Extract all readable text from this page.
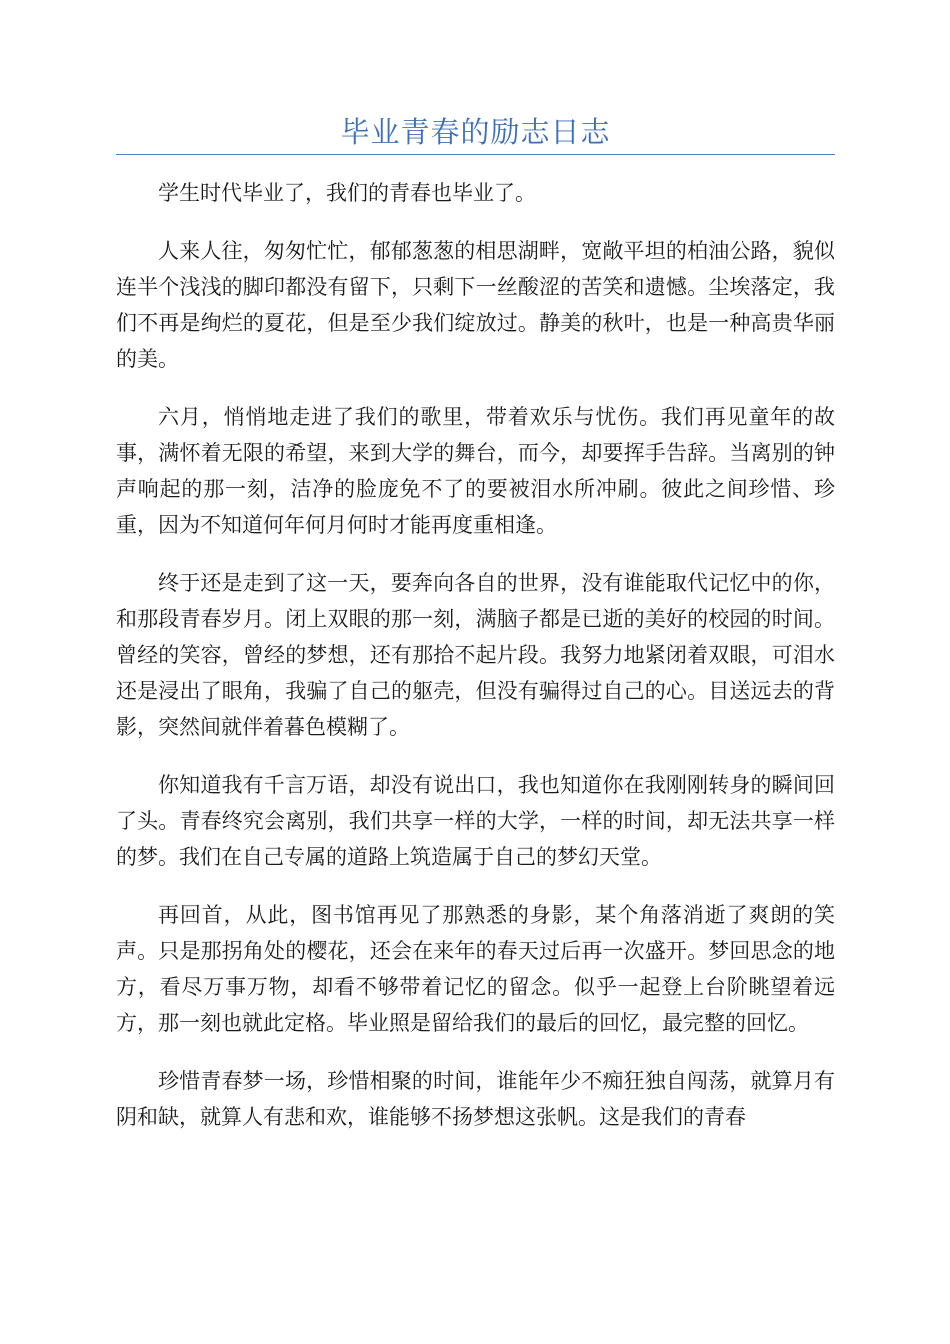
毕业青春的励志日志

学生时代毕业了，我们的青春也毕业了。

人来人往，匆匆忙忙，郁郁葱葱的相思湖畔，宽敞平坦的柏油公路，貌似连半个浅浅的脚印都没有留下，只剩下一丝酸涩的苦笑和遗憾。尘埃落定，我们不再是绚烂的夏花，但是至少我们绽放过。静美的秋叶，也是一种高贵华丽的美。

六月，悄悄地走进了我们的歌里，带着欢乐与忧伤。我们再见童年的故事，满怀着无限的希望，来到大学的舞台，而今，却要挥手告辞。当离别的钟声响起的那一刻，洁净的脸庞免不了的要被泪水所冲刷。彼此之间珍惜、珍重，因为不知道何年何月何时才能再度重相逢。

终于还是走到了这一天，要奔向各自的世界，没有谁能取代记忆中的你，和那段青春岁月。闭上双眼的那一刻，满脑子都是已逝的美好的校园的时间。曾经的笑容，曾经的梦想，还有那拾不起片段。我努力地紧闭着双眼，可泪水还是浸出了眼角，我骗了自己的躯壳，但没有骗得过自己的心。目送远去的背影，突然间就伴着暮色模糊了。

你知道我有千言万语，却没有说出口，我也知道你在我刚刚转身的瞬间回了头。青春终究会离别，我们共享一样的大学，一样的时间，却无法共享一样的梦。我们在自己专属的道路上筑造属于自己的梦幻天堂。

再回首，从此，图书馆再见了那熟悉的身影，某个角落消逝了爽朗的笑声。只是那拐角处的樱花，还会在来年的春天过后再一次盛开。梦回思念的地方，看尽万事万物，却看不够带着记忆的留念。似乎一起登上台阶眺望着远方，那一刻也就此定格。毕业照是留给我们的最后的回忆，最完整的回忆。

珍惜青春梦一场，珍惜相聚的时间，谁能年少不痴狂独自闯荡，就算月有阴和缺，就算人有悲和欢，谁能够不扬梦想这张帆。这是我们的青春
